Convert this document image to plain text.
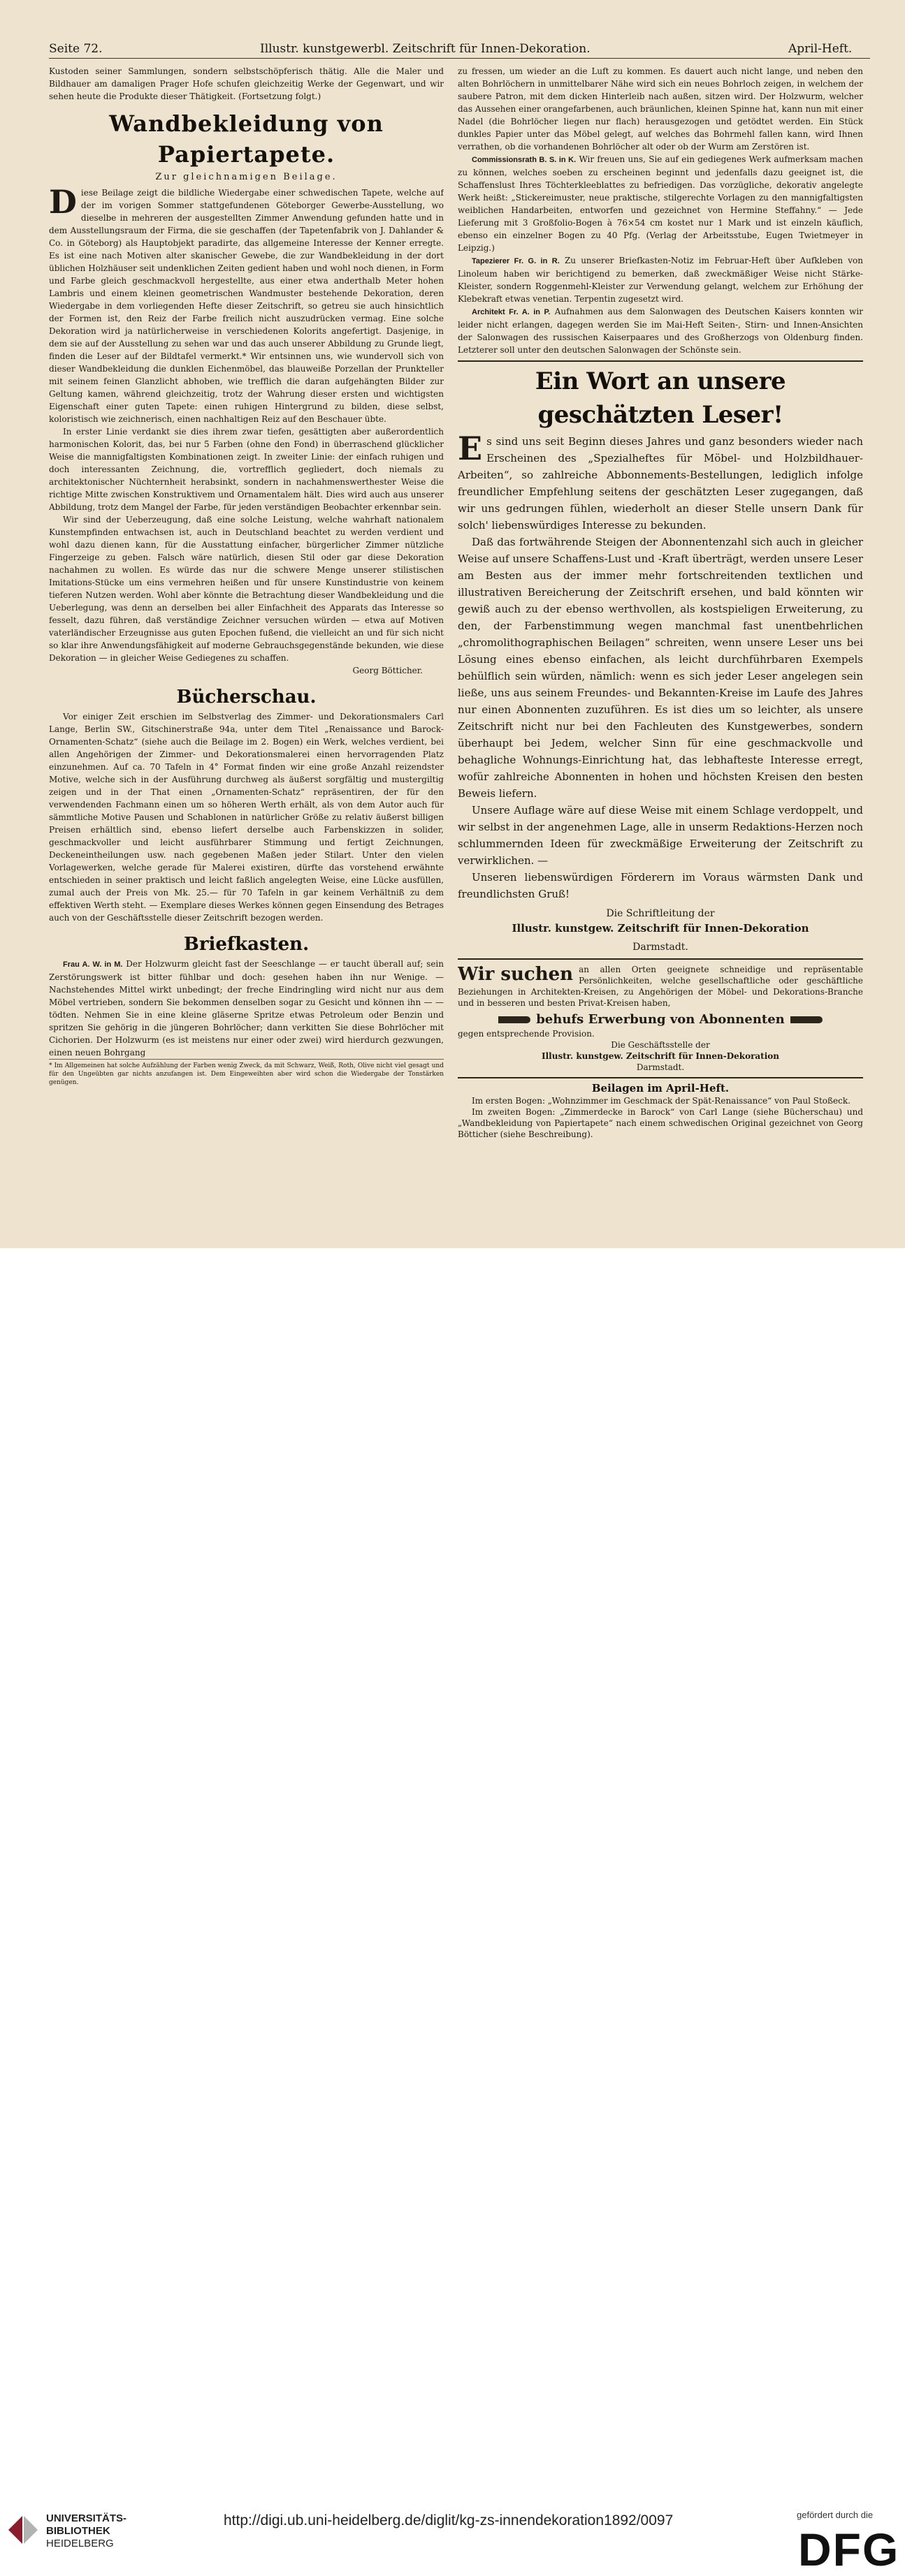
Seite 72.	Illustr. kunstgewerbl. Zeitschrift für Innen-Dekoration.	April-Heft.

Kustoden seiner Sammlungen, sondern selbstschöpferisch thätig. Alle die Maler und Bildhauer am damaligen Prager Hofe schufen gleichzeitig Werke der Gegenwart, und wir sehen heute die Produkte dieser Thätigkeit. (Fortsetzung folgt.)

Wandbekleidung von Papiertapete.
Zur gleichnamigen Beilage.

Diese Beilage zeigt die bildliche Wiedergabe einer schwedischen Tapete, welche auf der im vorigen Sommer stattgefundenen Göteborger Gewerbe-Ausstellung, wo dieselbe in mehreren der ausgestellten Zimmer Anwendung gefunden hatte und in dem Ausstellungsraum der Firma, die sie geschaffen (der Tapetenfabrik von J. Dahlander & Co. in Göteborg) als Hauptobjekt paradirte, das allgemeine Interesse der Kenner erregte. Es ist eine nach Motiven alter skanischer Gewebe, die zur Wandbekleidung in der dort üblichen Holzhäuser seit undenklichen Zeiten gedient haben und wohl noch dienen, in Form und Farbe gleich geschmackvoll hergestellte, aus einer etwa anderthalb Meter hohen Lambris und einem kleinen geometrischen Wandmuster bestehende Dekoration, deren Wiedergabe in dem vorliegenden Hefte dieser Zeitschrift, so getreu sie auch hinsichtlich der Formen ist, den Reiz der Farbe freilich nicht auszudrücken vermag. Eine solche Dekoration wird ja natürlicherweise in verschiedenen Kolorits angefertigt. Dasjenige, in dem sie auf der Ausstellung zu sehen war und das auch unserer Abbildung zu Grunde liegt, finden die Leser auf der Bildtafel vermerkt.* Wir entsinnen uns, wie wundervoll sich von dieser Wandbekleidung die dunklen Eichenmöbel, das blauweiße Porzellan der Prunkteller mit seinem feinen Glanzlicht abhoben, wie trefflich die daran aufgehängten Bilder zur Geltung kamen, während gleichzeitig, trotz der Wahrung dieser ersten und wichtigsten Eigenschaft einer guten Tapete: einen ruhigen Hintergrund zu bilden, diese selbst, koloristisch wie zeichnerisch, einen nachhaltigen Reiz auf den Beschauer übte.

In erster Linie verdankt sie dies ihrem zwar tiefen, gesättigten aber außerordentlich harmonischen Kolorit, das, bei nur 5 Farben (ohne den Fond) in überraschend glücklicher Weise die mannigfaltigsten Kombinationen zeigt. In zweiter Linie: der einfach ruhigen und doch interessanten Zeichnung, die, vortrefflich gegliedert, doch niemals zu architektonischer Nüchternheit herabsinkt, sondern in nachahmenswerthester Weise die richtige Mitte zwischen Konstruktivem und Ornamentalem hält. Dies wird auch aus unserer Abbildung, trotz dem Mangel der Farbe, für jeden verständigen Beobachter erkennbar sein.

Wir sind der Ueberzeugung, daß eine solche Leistung, welche wahrhaft nationalem Kunstempfinden entwachsen ist, auch in Deutschland beachtet zu werden verdient und wohl dazu dienen kann, für die Ausstattung einfacher, bürgerlicher Zimmer nützliche Fingerzeige zu geben. Falsch wäre natürlich, diesen Stil oder gar diese Dekoration nachahmen zu wollen. Es würde das nur die schwere Menge unserer stilistischen Imitations-Stücke um eins vermehren heißen und für unsere Kunstindustrie von keinem tieferen Nutzen werden. Wohl aber könnte die Betrachtung dieser Wandbekleidung und die Ueberlegung, was denn an derselben bei aller Einfachheit des Apparats das Interesse so fesselt, dazu führen, daß verständige Zeichner versuchen würden — etwa auf Motiven vaterländischer Erzeugnisse aus guten Epochen fußend, die vielleicht an und für sich nicht so klar ihre Anwendungsfähigkeit auf moderne Gebrauchsgegenstände bekunden, wie diese Dekoration — in gleicher Weise Gediegenes zu schaffen.

Georg Bötticher.

Bücherschau.

Vor einiger Zeit erschien im Selbstverlag des Zimmer- und Dekorationsmalers Carl Lange, Berlin SW., Gitschinerstraße 94a, unter dem Titel „Renaissance und Barock-Ornamenten-Schatz“ (siehe auch die Beilage im 2. Bogen) ein Werk, welches verdient, bei allen Angehörigen der Zimmer- und Dekorationsmalerei einen hervorragenden Platz einzunehmen. Auf ca. 70 Tafeln in 4° Format finden wir eine große Anzahl reizendster Motive, welche sich in der Ausführung durchweg als äußerst sorgfältig und mustergiltig zeigen und in der That einen „Ornamenten-Schatz“ repräsentiren, der für den verwendenden Fachmann einen um so höheren Werth erhält, als von dem Autor auch für sämmtliche Motive Pausen und Schablonen in natürlicher Größe zu relativ äußerst billigen Preisen erhältlich sind, ebenso liefert derselbe auch Farbenskizzen in solider, geschmackvoller und leicht ausführbarer Stimmung und fertigt Zeichnungen, Deckeneintheilungen usw. nach gegebenen Maßen jeder Stilart. Unter den vielen Vorlagewerken, welche gerade für Malerei existiren, dürfte das vorstehend erwähnte entschieden in seiner praktisch und leicht faßlich angelegten Weise, eine Lücke ausfüllen, zumal auch der Preis von Mk. 25.— für 70 Tafeln in gar keinem Verhältniß zu dem effektiven Werth steht. — Exemplare dieses Werkes können gegen Einsendung des Betrages auch von der Geschäftsstelle dieser Zeitschrift bezogen werden.

Briefkasten.

Frau A. W. in M. Der Holzwurm gleicht fast der Seeschlange — er taucht überall auf; sein Zerstörungswerk ist bitter fühlbar und doch: gesehen haben ihn nur Wenige. — Nachstehendes Mittel wirkt unbedingt; der freche Eindringling wird nicht nur aus dem Möbel vertrieben, sondern Sie bekommen denselben sogar zu Gesicht und können ihn — — tödten. Nehmen Sie in eine kleine gläserne Spritze etwas Petroleum oder Benzin und spritzen Sie gehörig in die jüngeren Bohrlöcher; dann verkitten Sie diese Bohrlöcher mit Cichorien. Der Holzwurm (es ist meistens nur einer oder zwei) wird hierdurch gezwungen, einen neuen Bohrgang

* Im Allgemeinen hat solche Aufzählung der Farben wenig Zweck, da mit Schwarz, Weiß, Roth, Olive nicht viel gesagt und für den Ungeübten gar nichts anzufangen ist. Dem Eingeweihten aber wird schon die Wiedergabe der Tonstärken genügen.

zu fressen, um wieder an die Luft zu kommen. Es dauert auch nicht lange, und neben den alten Bohrlöchern in unmittelbarer Nähe wird sich ein neues Bohrloch zeigen, in welchem der saubere Patron, mit dem dicken Hinterleib nach außen, sitzen wird. Der Holzwurm, welcher das Aussehen einer orangefarbenen, auch bräunlichen, kleinen Spinne hat, kann nun mit einer Nadel (die Bohrlöcher liegen nur flach) herausgezogen und getödtet werden. Ein Stück dunkles Papier unter das Möbel gelegt, auf welches das Bohrmehl fallen kann, wird Ihnen verrathen, ob die vorhandenen Bohrlöcher alt oder ob der Wurm am Zerstören ist.

Commissionsrath B. S. in K. Wir freuen uns, Sie auf ein gediegenes Werk aufmerksam machen zu können, welches soeben zu erscheinen beginnt und jedenfalls dazu geeignet ist, die Schaffenslust Ihres Töchterkleeblattes zu befriedigen. Das vorzügliche, dekorativ angelegte Werk heißt: „Stickereimuster, neue praktische, stilgerechte Vorlagen zu den mannigfaltigsten weiblichen Handarbeiten, entworfen und gezeichnet von Hermine Steffahny.“ — Jede Lieferung mit 3 Großfolio-Bogen à 76×54 cm kostet nur 1 Mark und ist einzeln käuflich, ebenso ein einzelner Bogen zu 40 Pfg. (Verlag der Arbeitsstube, Eugen Twietmeyer in Leipzig.)

Tapezierer Fr. G. in R. Zu unserer Briefkasten-Notiz im Februar-Heft über Aufkleben von Linoleum haben wir berichtigend zu bemerken, daß zweckmäßiger Weise nicht Stärke-Kleister, sondern Roggenmehl-Kleister zur Verwendung gelangt, welchem zur Erhöhung der Klebekraft etwas venetian. Terpentin zugesetzt wird.

Architekt Fr. A. in P. Aufnahmen aus dem Salonwagen des Deutschen Kaisers konnten wir leider nicht erlangen, dagegen werden Sie im Mai-Heft Seiten-, Stirn- und Innen-Ansichten der Salonwagen des russischen Kaiserpaares und des Großherzogs von Oldenburg finden. Letzterer soll unter den deutschen Salonwagen der Schönste sein.

Ein Wort an unsere geschätzten Leser!

Es sind uns seit Beginn dieses Jahres und ganz besonders wieder nach Erscheinen des „Spezialheftes für Möbel- und Holzbildhauer-Arbeiten“, so zahlreiche Abbonnements-Bestellungen, lediglich infolge freundlicher Empfehlung seitens der geschätzten Leser zugegangen, daß wir uns gedrungen fühlen, wiederholt an dieser Stelle unsern Dank für solch' liebenswürdiges Interesse zu bekunden.

Daß das fortwährende Steigen der Abonnentenzahl sich auch in gleicher Weise auf unsere Schaffens-Lust und -Kraft überträgt, werden unsere Leser am Besten aus der immer mehr fortschreitenden textlichen und illustrativen Bereicherung der Zeitschrift ersehen, und bald könnten wir gewiß auch zu der ebenso werthvollen, als kostspieligen Erweiterung, zu den, der Farbenstimmung wegen manchmal fast unentbehrlichen „chromolithographischen Beilagen“ schreiten, wenn unsere Leser uns bei Lösung eines ebenso einfachen, als leicht durchführbaren Exempels behülflich sein würden, nämlich: wenn es sich jeder Leser angelegen sein ließe, uns aus seinem Freundes- und Bekannten-Kreise im Laufe des Jahres nur einen Abonnenten zuzuführen. Es ist dies um so leichter, als unsere Zeitschrift nicht nur bei den Fachleuten des Kunstgewerbes, sondern überhaupt bei Jedem, welcher Sinn für eine geschmackvolle und behagliche Wohnungs-Einrichtung hat, das lebhafteste Interesse erregt, wofür zahlreiche Abonnenten in hohen und höchsten Kreisen den besten Beweis liefern.

Unsere Auflage wäre auf diese Weise mit einem Schlage verdoppelt, und wir selbst in der angenehmen Lage, alle in unserm Redaktions-Herzen noch schlummernden Ideen für zweckmäßige Erweiterung der Zeitschrift zu verwirklichen. —

Unseren liebenswürdigen Förderern im Voraus wärmsten Dank und freundlichsten Gruß!

Die Schriftleitung der
Illustr. kunstgew. Zeitschrift für Innen-Dekoration
Darmstadt.
Wir suchen an allen Orten geeignete schneidige und repräsentable Persönlichkeiten, welche gesellschaftliche oder geschäftliche Beziehungen in Architekten-Kreisen, zu Angehörigen der Möbel- und Dekorations-Branche und in besseren und besten Privat-Kreisen haben,
behufs Erwerbung von Abonnenten
gegen entsprechende Provision.
Die Geschäftsstelle der
Illustr. kunstgew. Zeitschrift für Innen-Dekoration
Darmstadt.
Beilagen im April-Heft.

Im ersten Bogen: „Wohnzimmer im Geschmack der Spät-Renaissance“ von Paul Stoßeck.

Im zweiten Bogen: „Zimmerdecke in Barock“ von Carl Lange (siehe Bücherschau) und „Wandbekleidung von Papiertapete“ nach einem schwedischen Original gezeichnet von Georg Bötticher (siehe Beschreibung).

UNIVERSITÄTS-
BIBLIOTHEK
HEIDELBERG
http://digi.ub.uni-heidelberg.de/diglit/kg-zs-innendekoration1892/0097	gefördert durch die
DFG
